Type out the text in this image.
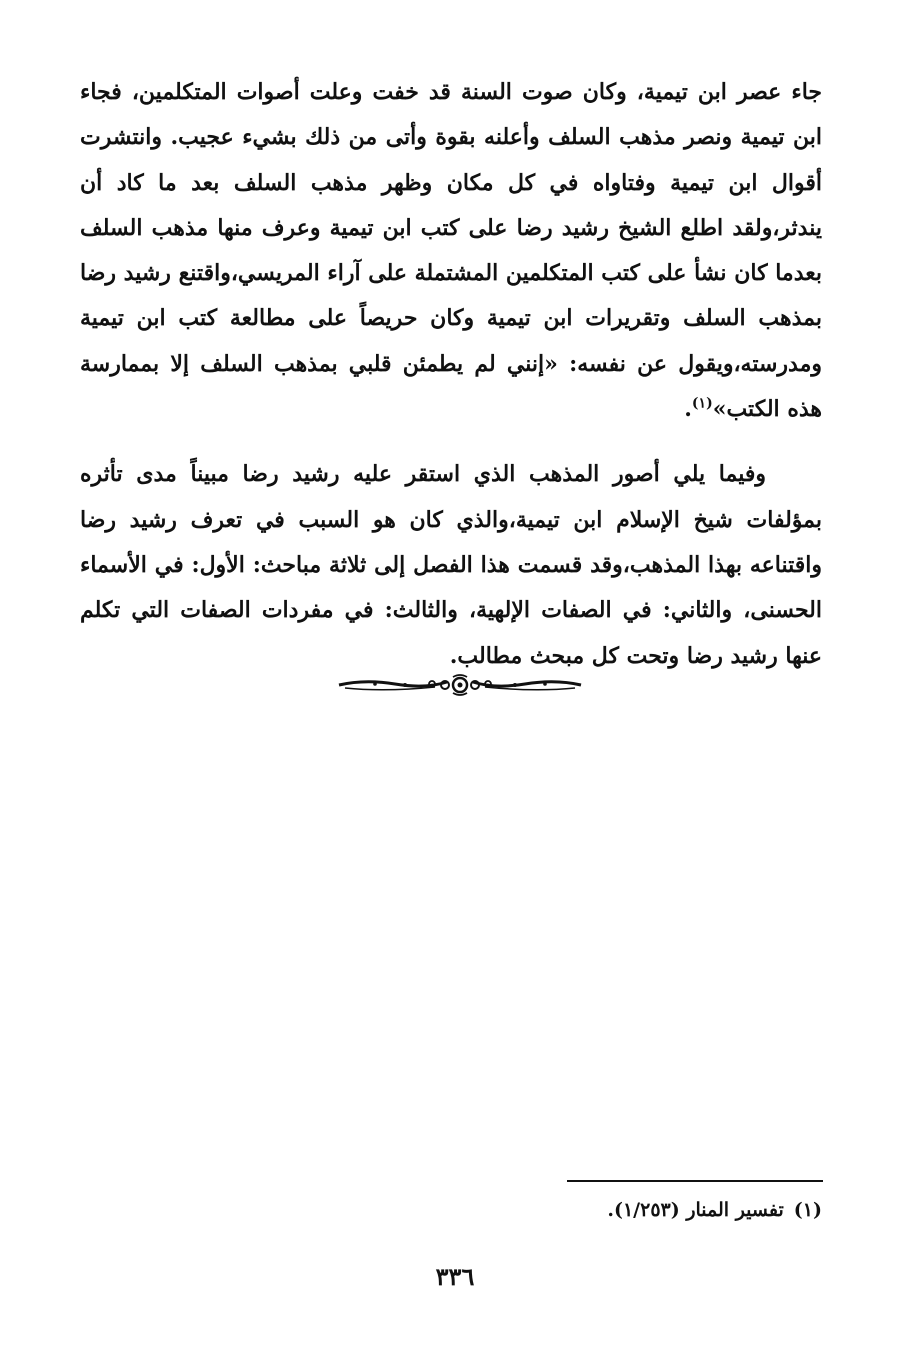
جاء عصر ابن تيمية، وكان صوت السنة قد خفت وعلت أصوات المتكلمين، فجاء ابن تيمية ونصر مذهب السلف وأعلنه بقوة وأتى من ذلك بشيء عجيب. وانتشرت أقوال ابن تيمية وفتاواه في كل مكان وظهر مذهب السلف بعد ما كاد أن يندثر،ولقد اطلع الشيخ رشيد رضا على كتب ابن تيمية وعرف منها مذهب السلف بعدما كان نشأ على كتب المتكلمين المشتملة على آراء المريسي،واقتنع رشيد رضا بمذهب السلف وتقريرات ابن تيمية وكان حريصاً على مطالعة كتب ابن تيمية ومدرسته،ويقول عن نفسه: «إنني لم يطمئن قلبي بمذهب السلف إلا بممارسة هذه الكتب»$^{(١)}$.

وفيما يلي أصور المذهب الذي استقر عليه رشيد رضا مبيناً مدى تأثره بمؤلفات شيخ الإسلام ابن تيمية،والذي كان هو السبب في تعرف رشيد رضا واقتناعه بهذا المذهب،وقد قسمت هذا الفصل إلى ثلاثة مباحث: الأول: في الأسماء الحسنى، والثاني: في الصفات الإلهية، والثالث: في مفردات الصفات التي تكلم عنها رشيد رضا وتحت كل مبحث مطالب.

(١)تفسير المنار (١/٢٥٣).
٣٣٦
